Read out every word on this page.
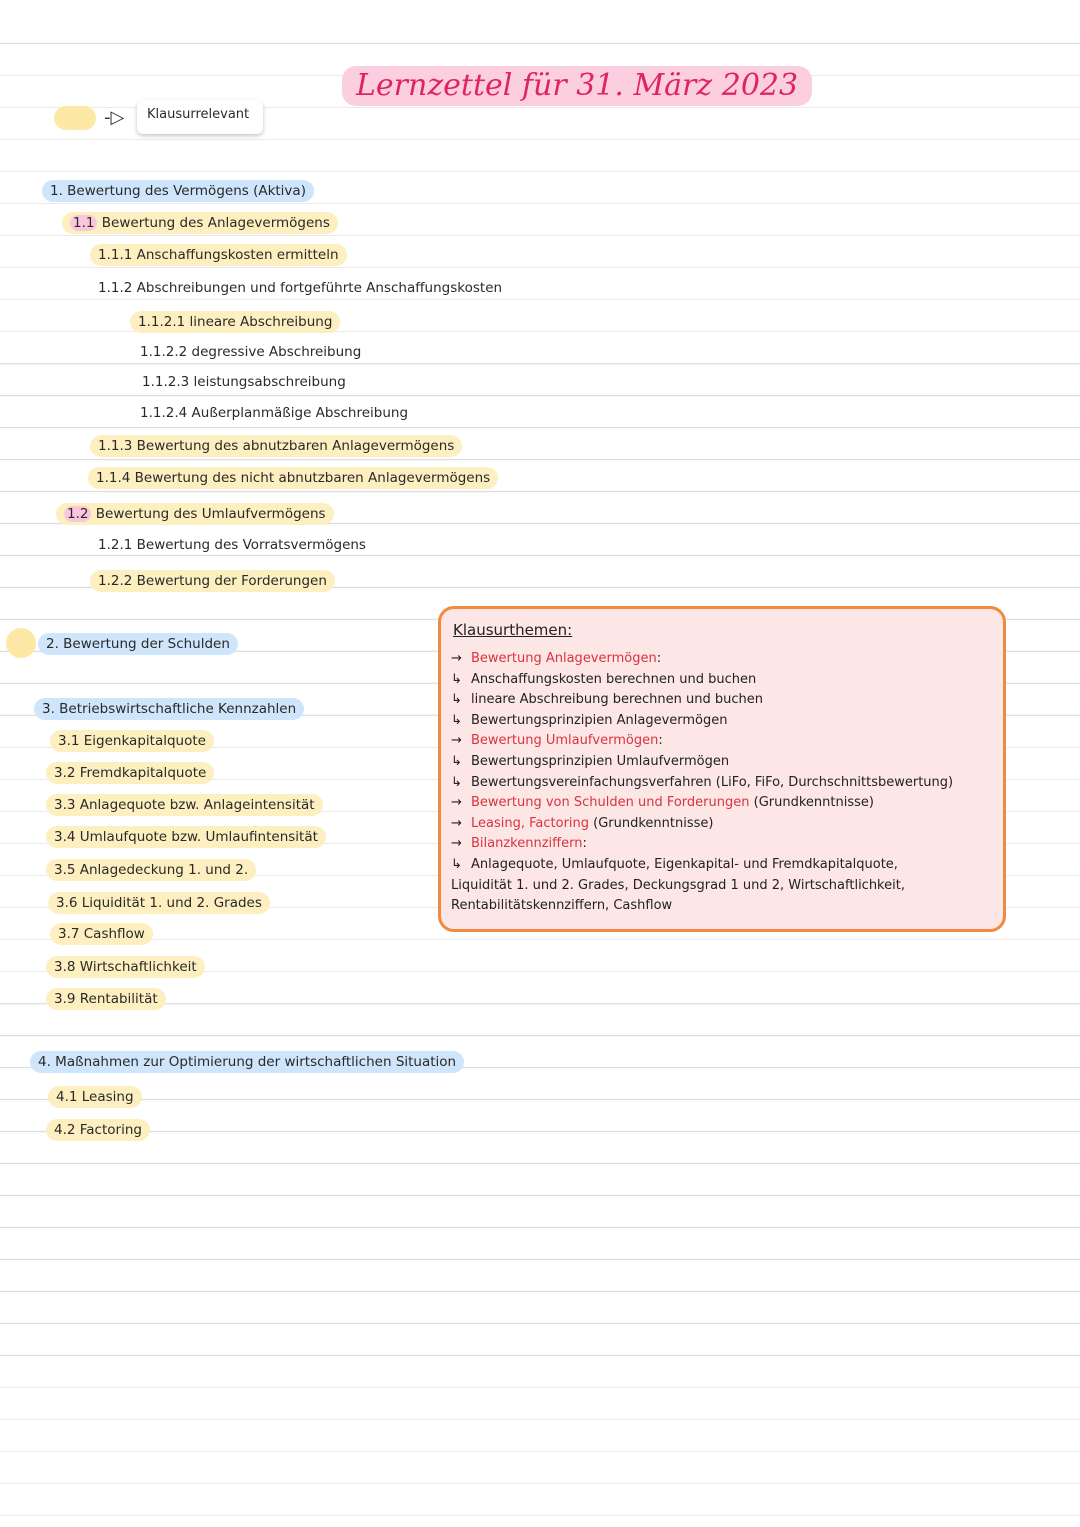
Lernzettel für 31. März 2023
-▷	Klausurrelevant
1. Bewertung des Vermögens (Aktiva)
1.1 Bewertung des Anlagevermögens
1.1.1 Anschaffungskosten ermitteln
1.1.2 Abschreibungen und fortgeführte Anschaffungskosten
1.1.2.1 lineare Abschreibung
1.1.2.2 degressive Abschreibung
1.1.2.3 leistungsabschreibung
1.1.2.4 Außerplanmäßige Abschreibung
1.1.3 Bewertung des abnutzbaren Anlagevermögens
1.1.4 Bewertung des nicht abnutzbaren Anlagevermögens
1.2 Bewertung des Umlaufvermögens
1.2.1 Bewertung des Vorratsvermögens
1.2.2 Bewertung der Forderungen
2. Bewertung der Schulden
3. Betriebswirtschaftliche Kennzahlen
3.1 Eigenkapitalquote
3.2 Fremdkapitalquote
3.3 Anlagequote bzw. Anlageintensität
3.4 Umlaufquote bzw. Umlaufintensität
3.5 Anlagedeckung 1. und 2.
3.6 Liquidität 1. und 2. Grades
3.7 Cashflow
3.8 Wirtschaftlichkeit
3.9 Rentabilität
4. Maßnahmen zur Optimierung der wirtschaftlichen Situation
4.1 Leasing
4.2 Factoring
Klausurthemen:
→ Bewertung Anlagevermögen:
↳ Anschaffungskosten berechnen und buchen
↳ lineare Abschreibung berechnen und buchen
↳ Bewertungsprinzipien Anlagevermögen
→ Bewertung Umlaufvermögen:
↳ Bewertungsprinzipien Umlaufvermögen
↳ Bewertungsvereinfachungsverfahren (LiFo, FiFo, Durchschnittsbewertung)
→ Bewertung von Schulden und Forderungen (Grundkenntnisse)
→ Leasing, Factoring (Grundkenntnisse)
→ Bilanzkennziffern:
↳ Anlagequote, Umlaufquote, Eigenkapital- und Fremdkapitalquote,
Liquidität 1. und 2. Grades, Deckungsgrad 1 und 2, Wirtschaftlichkeit,
Rentabilitätskennziffern, Cashflow
